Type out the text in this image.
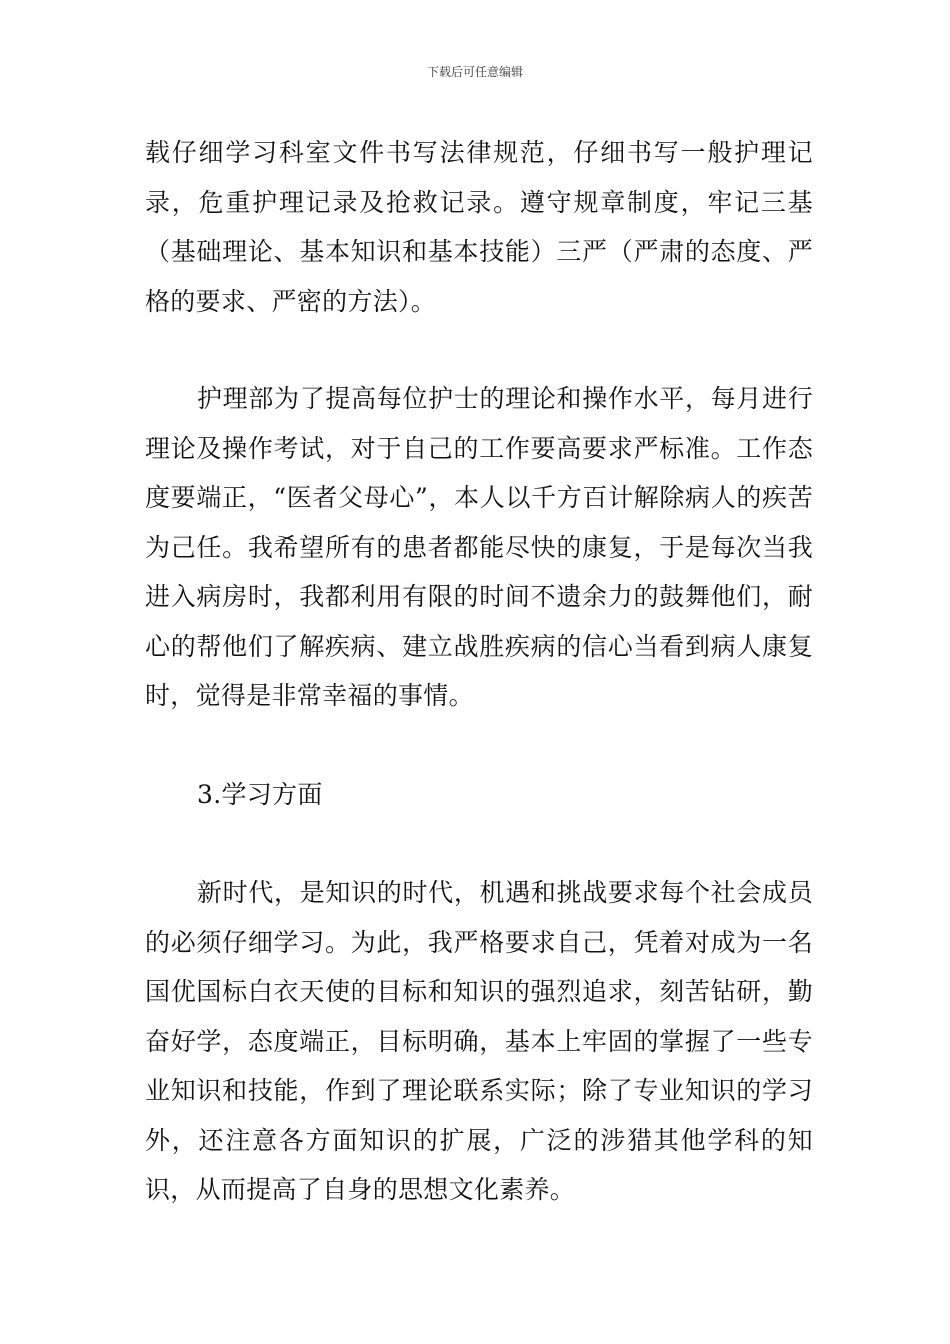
下载后可任意编辑

载仔细学习科室文件书写法律规范，仔细书写一般护理记录，危重护理记录及抢救记录。遵守规章制度，牢记三基（基础理论、基本知识和基本技能）三严（严肃的态度、严格的要求、严密的方法）。

护理部为了提高每位护士的理论和操作水平，每月进行理论及操作考试，对于自己的工作要高要求严标准。工作态度要端正，“医者父母心”，本人以千方百计解除病人的疾苦为己任。我希望所有的患者都能尽快的康复，于是每次当我进入病房时，我都利用有限的时间不遗余力的鼓舞他们，耐心的帮他们了解疾病、建立战胜疾病的信心当看到病人康复时，觉得是非常幸福的事情。

3.学习方面

新时代，是知识的时代，机遇和挑战要求每个社会成员的必须仔细学习。为此，我严格要求自己，凭着对成为一名国优国标白衣天使的目标和知识的强烈追求，刻苦钻研，勤奋好学，态度端正，目标明确，基本上牢固的掌握了一些专业知识和技能，作到了理论联系实际；除了专业知识的学习外，还注意各方面知识的扩展，广泛的涉猎其他学科的知识，从而提高了自身的思想文化素养。
